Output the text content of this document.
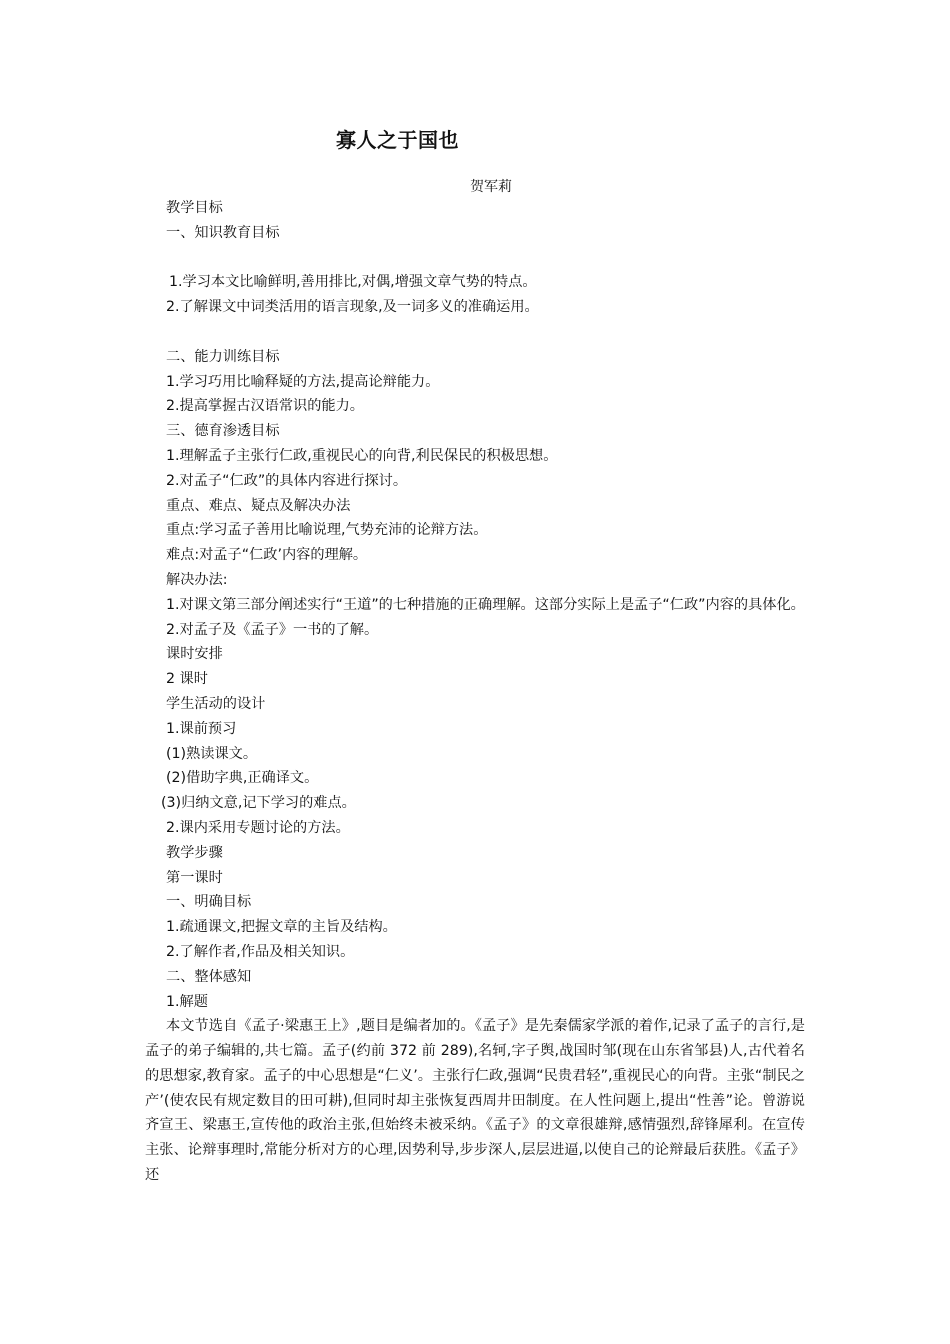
寡人之于国也
贺军莉

教学目标

一、知识教育目标

1.学习本文比喻鲜明,善用排比,对偶,增强文章气势的特点。

2.了解课文中词类活用的语言现象,及一词多义的准确运用。

二、能力训练目标

1.学习巧用比喻释疑的方法,提高论辩能力。

2.提高掌握古汉语常识的能力。

三、德育渗透目标

1.理解孟子主张行仁政,重视民心的向背,利民保民的积极思想。

2.对孟子“仁政”的具体内容进行探讨。

重点、难点、疑点及解决办法

重点:学习孟子善用比喻说理,气势充沛的论辩方法。

难点:对孟子“仁政’内容的理解。

解决办法:

1.对课文第三部分阐述实行“王道”的七种措施的正确理解。这部分实际上是孟子“仁政”内容的具体化。

2.对孟子及《孟子》一书的了解。

课时安排

2 课时

学生活动的设计

1.课前预习

(1)熟读课文。

(2)借助字典,正确译文。

(3)归纳文意,记下学习的难点。

2.课内采用专题讨论的方法。

教学步骤

第一课时

一、明确目标

1.疏通课文,把握文章的主旨及结构。

2.了解作者,作品及相关知识。

二、整体感知

1.解题

本文节选自《孟子·梁惠王上》,题目是编者加的。《孟子》是先秦儒家学派的着作,记录了孟子的言行,是孟子的弟子编辑的,共七篇。孟子(约前 372 前 289),名轲,字子舆,战国时邹(现在山东省邹县)人,古代着名的思想家,教育家。孟子的中心思想是“仁义’。主张行仁政,强调“民贵君轻”,重视民心的向背。主张“制民之产’(使农民有规定数目的田可耕),但同时却主张恢复西周井田制度。在人性问题上,提出“性善”论。曾游说齐宣王、梁惠王,宣传他的政治主张,但始终未被采纳。《孟子》的文章很雄辩,感情强烈,辞锋犀利。在宣传主张、论辩事理时,常能分析对方的心理,因势利导,步步深人,层层进逼,以使自己的论辩最后获胜。《孟子》还
